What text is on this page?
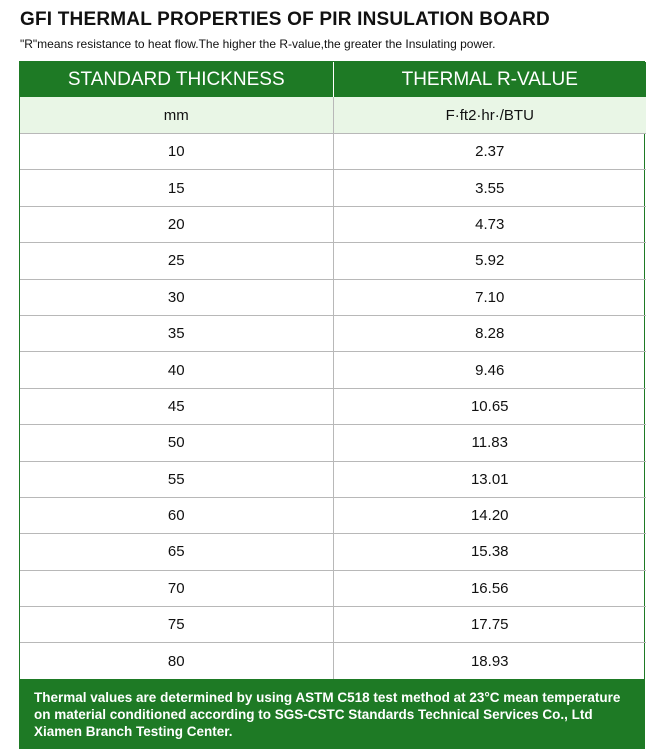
GFI THERMAL PROPERTIES OF PIR INSULATION BOARD
"R"means resistance to heat flow.The higher the R-value,the greater the Insulating power.
STANDARD THICKNESS	THERMAL R-VALUE
mm	F·ft2·hr·/BTU
10	2.37
15	3.55
20	4.73
25	5.92
30	7.10
35	8.28
40	9.46
45	10.65
50	11.83
55	13.01
60	14.20
65	15.38
70	16.56
75	17.75
80	18.93
Thermal values are determined by using ASTM C518 test method at 23°C mean temperature on material conditioned according to SGS-CSTC Standards Technical Services Co., Ltd Xiamen Branch Testing Center.
